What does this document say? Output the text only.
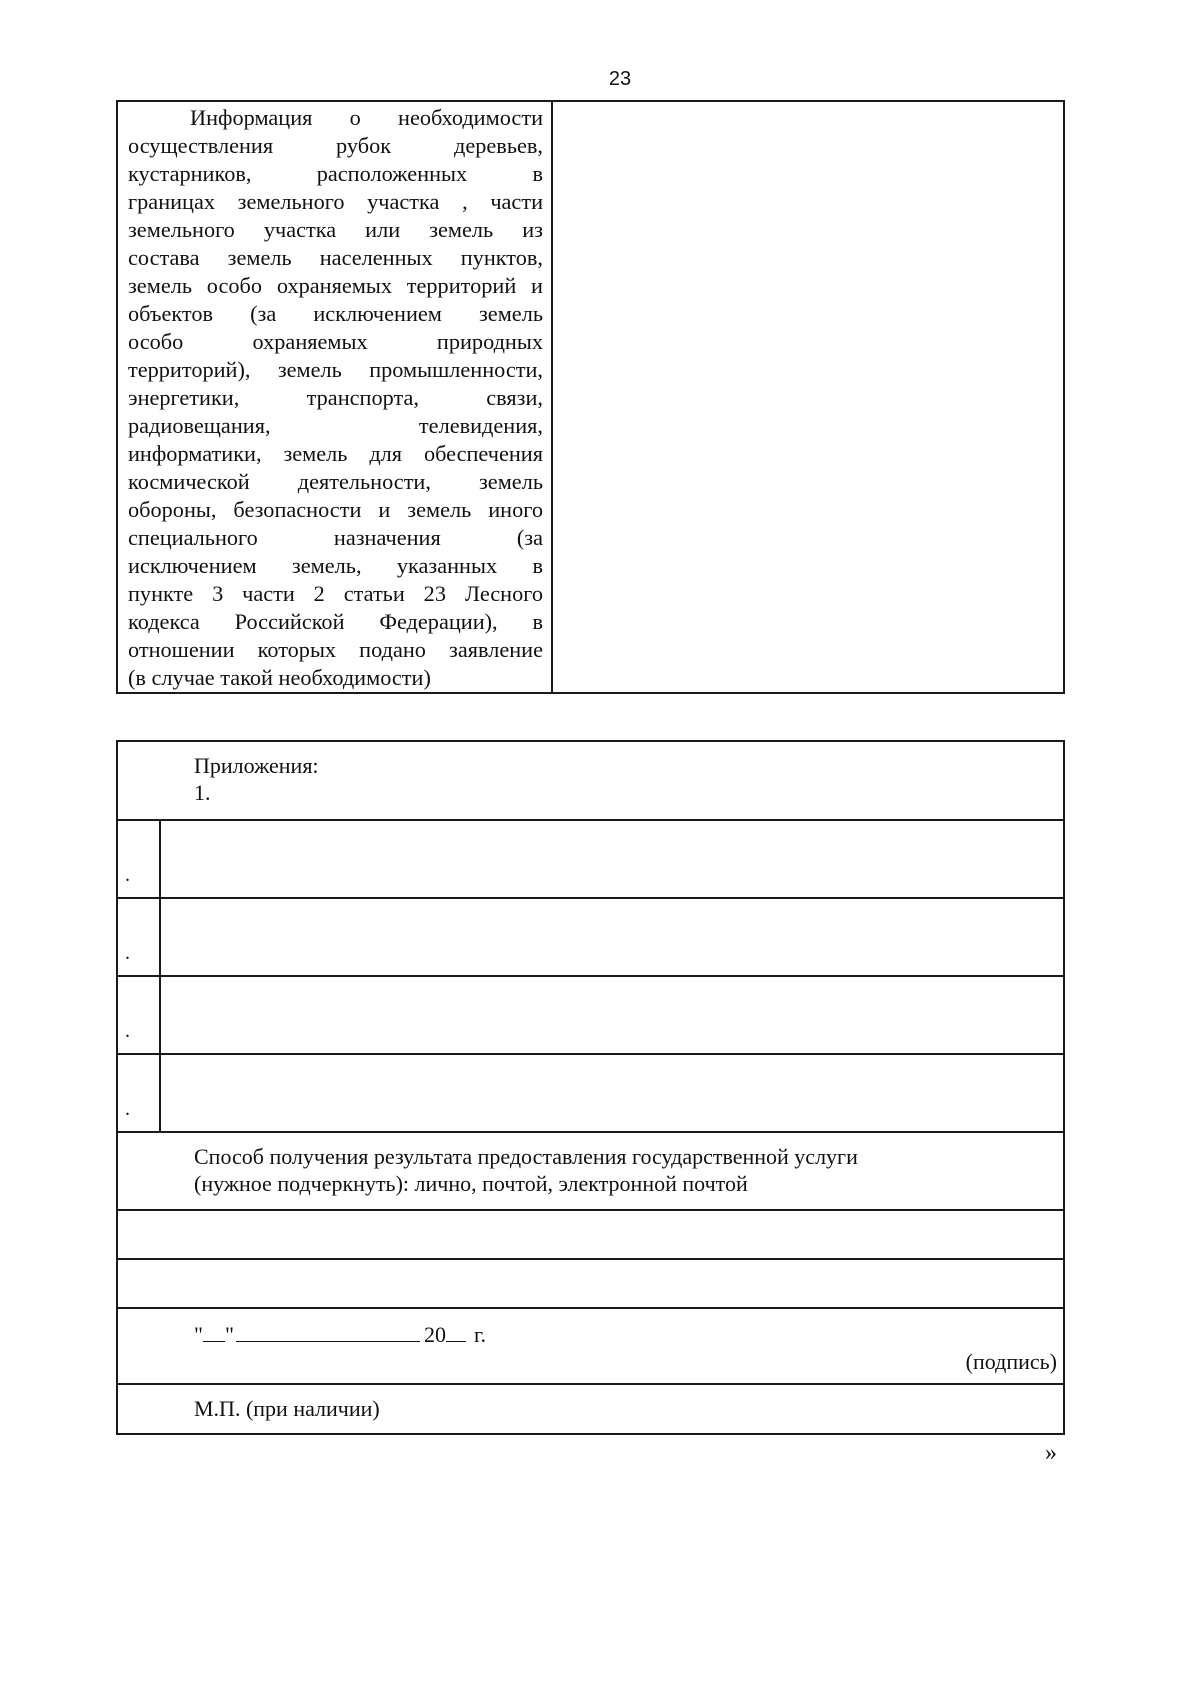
23
Информация о необходимости
осуществления рубок деревьев,
кустарников, расположенных в
границах земельного участка , части
земельного участка или земель из
состава земель населенных пунктов,
земель особо охраняемых территорий и
объектов (за исключением земель
особо охраняемых природных
территорий), земель промышленности,
энергетики, транспорта, связи,
радиовещания, телевидения,
информатики, земель для обеспечения
космической деятельности, земель
обороны, безопасности и земель иного
специального назначения (за
исключением земель, указанных в
пункте 3 части 2 статьи 23 Лесного
кодекса Российской Федерации), в
отношении которых подано заявление
(в случае такой необходимости)

Приложения:
1.	

.	

.	

.	

.	

Способ получения результата предоставления государственной услуги
(нужное подчеркнуть): лично, почтой, электронной почтой	

" " 20 г.
(подпись)	

М.П. (при наличии)	
»
